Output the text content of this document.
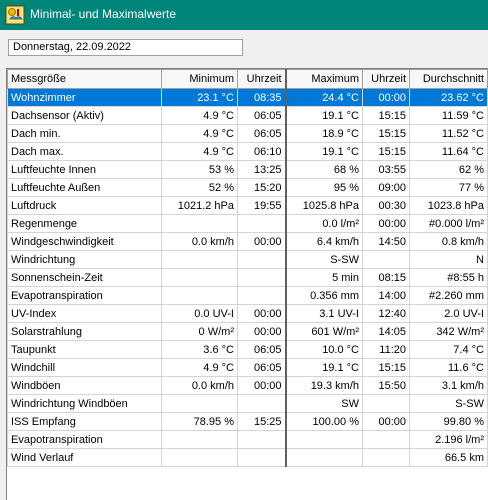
Minimal- und Maximalwerte
Donnerstag, 22.09.2022
Messgröße	Minimum	Uhrzeit	Maximum	Uhrzeit	Durchschnitt
Wohnzimmer	23.1 °C	08:35	24.4 °C	00:00	23.62 °C
Dachsensor (Aktiv)	4.9 °C	06:05	19.1 °C	15:15	11.59 °C
Dach min.	4.9 °C	06:05	18.9 °C	15:15	11.52 °C
Dach max.	4.9 °C	06:10	19.1 °C	15:15	11.64 °C
Luftfeuchte Innen	53 %	13:25	68 %	03:55	62 %
Luftfeuchte Außen	52 %	15:20	95 %	09:00	77 %
Luftdruck	1021.2 hPa	19:55	1025.8 hPa	00:30	1023.8 hPa
Regenmenge			0.0 l/m²	00:00	#0.000 l/m²
Windgeschwindigkeit	0.0 km/h	00:00	6.4 km/h	14:50	0.8 km/h
Windrichtung			S-SW		N
Sonnenschein-Zeit			5 min	08:15	#8:55 h
Evapotranspiration			0.356 mm	14:00	#2.260 mm
UV-Index	0.0 UV-I	00:00	3.1 UV-I	12:40	2.0 UV-I
Solarstrahlung	0 W/m²	00:00	601 W/m²	14:05	342 W/m²
Taupunkt	3.6 °C	06:05	10.0 °C	11:20	7.4 °C
Windchill	4.9 °C	06:05	19.1 °C	15:15	11.6 °C
Windböen	0.0 km/h	00:00	19.3 km/h	15:50	3.1 km/h
Windrichtung Windböen			SW		S-SW
ISS Empfang	78.95 %	15:25	100.00 %	00:00	99.80 %
Evapotranspiration					2.196 l/m²
Wind Verlauf					66.5 km
